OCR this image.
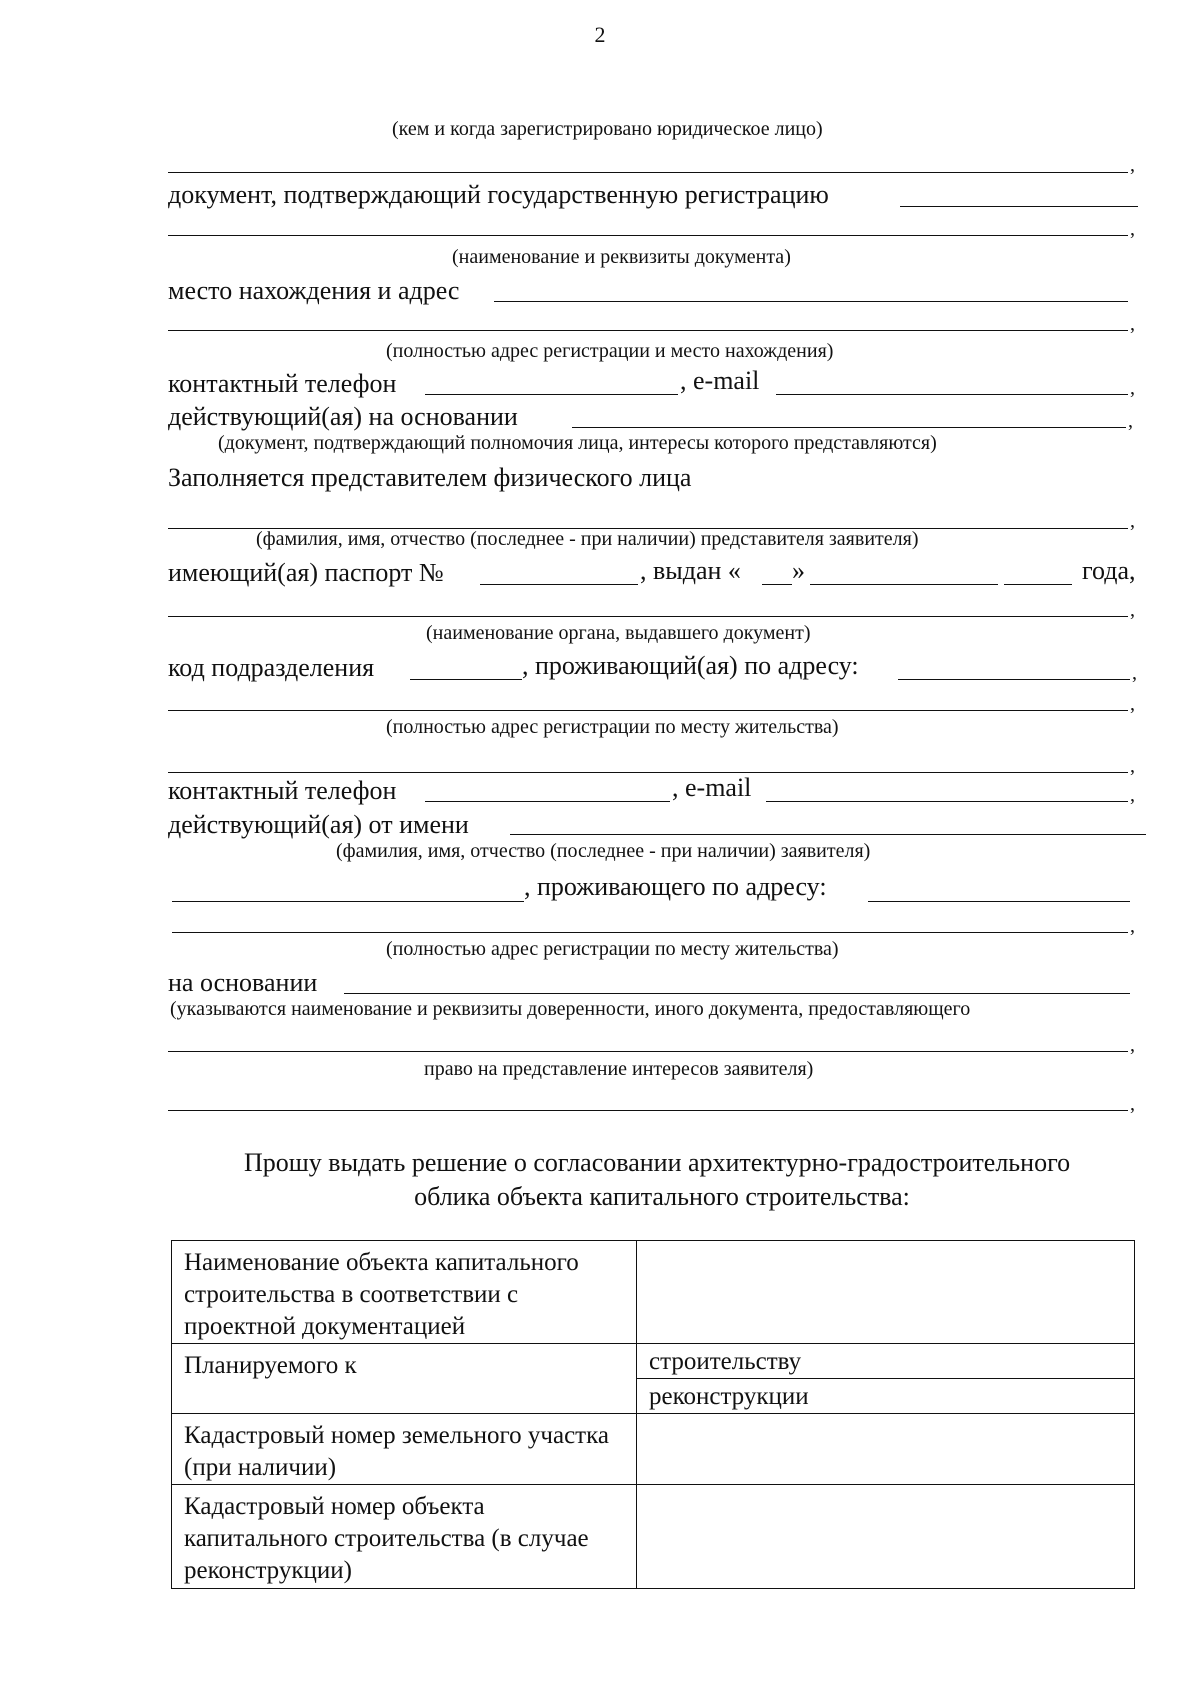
2
(кем и когда зарегистрировано юридическое лицо)
,
документ, подтверждающий государственную регистрацию
,
(наименование и реквизиты документа)
место нахождения и адрес
,
(полностью адрес регистрации и место нахождения)
контактный телефон	, e-mail	,
действующий(ая) на основании	,
(документ, подтверждающий полномочия лица, интересы которого представляются)
Заполняется представителем физического лица
,
(фамилия, имя, отчество (последнее - при наличии) представителя заявителя)
имеющий(ая) паспорт №	, выдан « »	года,
,
(наименование органа, выдавшего документ)
код подразделения	, проживающий(ая) по адресу:	,
,
(полностью адрес регистрации по месту жительства)
,
контактный телефон	, e-mail	,
действующий(ая) от имени
(фамилия, имя, отчество (последнее - при наличии) заявителя)
, проживающего по адресу:
,
(полностью адрес регистрации по месту жительства)
на основании
(указываются наименование и реквизиты доверенности, иного документа, предоставляющего
,
право на представление интересов заявителя)
,
Прошу выдать решение о согласовании архитектурно-градостроительного
облика объекта капитального строительства:
Наименование объекта капитального строительства в соответствии с проектной документацией	
Планируемого к	строительству
	реконструкции
Кадастровый номер земельного участка (при наличии)	
Кадастровый номер объекта капитального строительства (в случае реконструкции)	
